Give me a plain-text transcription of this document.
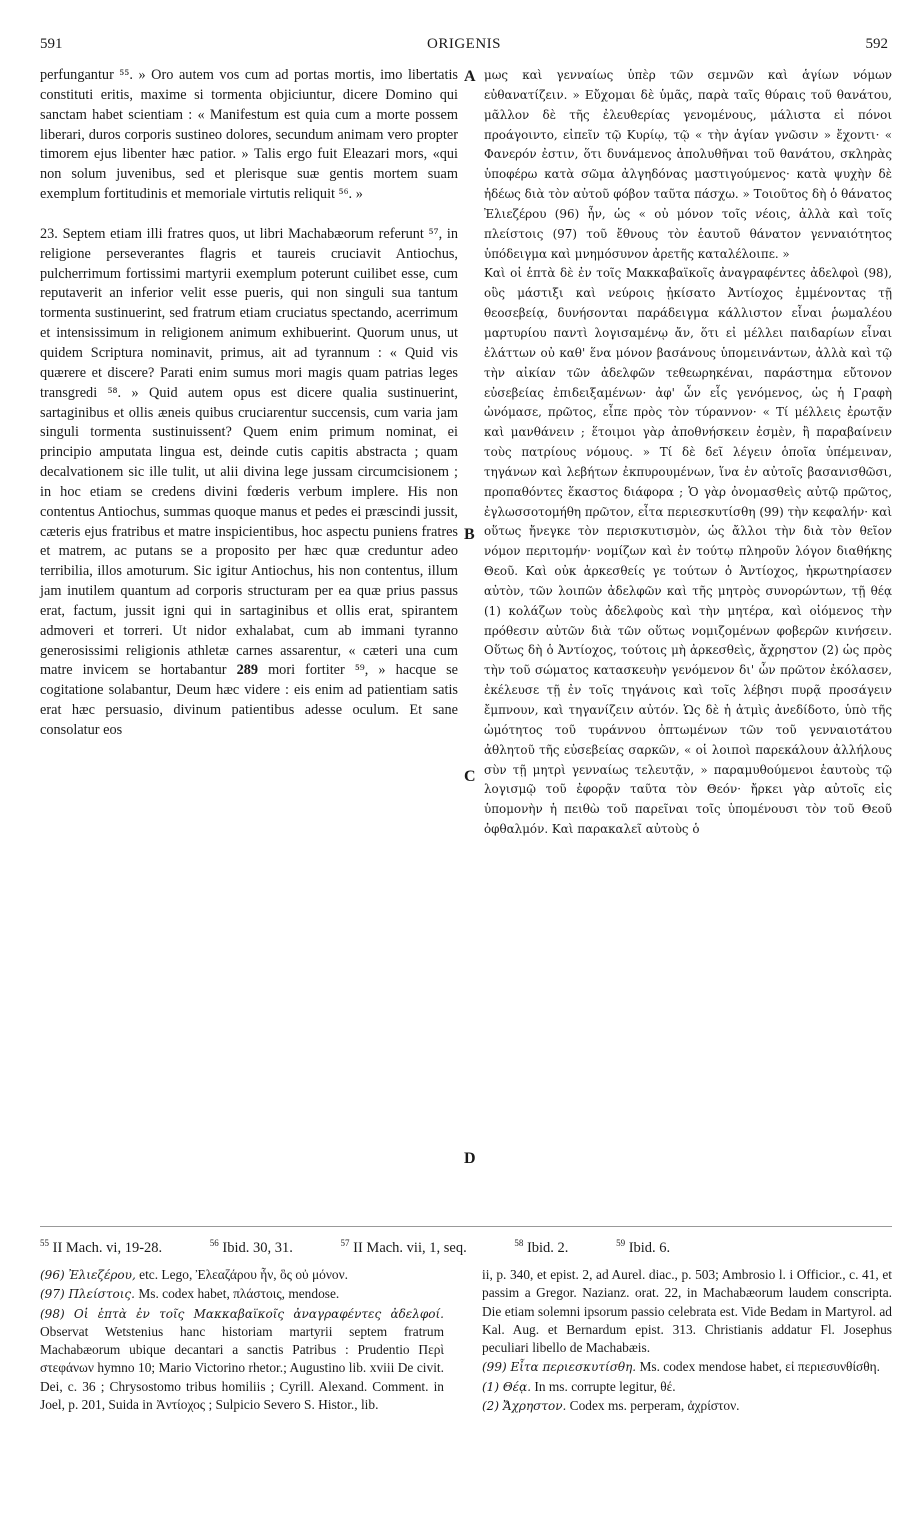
591	ORIGENIS	592

perfungantur ⁵⁵. » Oro autem vos cum ad portas mortis, imo libertatis constituti eritis, maxime si tormenta objiciuntur, dicere Domino qui sanctam habet scientiam : « Manifestum est quia cum a morte possem liberari, duros corporis sustineo dolores, secundum animam vero propter timorem ejus libenter hæc patior. » Talis ergo fuit Eleazari mors, «qui non solum juvenibus, sed et plerisque suæ gentis mortem suam exemplum fortitudinis et memoriale virtutis reliquit ⁵⁶. »

23. Septem etiam illi fratres quos, ut libri Machabæorum referunt ⁵⁷, in religione perseverantes flagris et taureis cruciavit Antiochus, pulcherrimum fortissimi martyrii exemplum poterunt cuilibet esse, cum reputaverit an inferior velit esse pueris, qui non singuli sua tantum tormenta sustinuerint, sed fratrum etiam cruciatus spectando, acerrimum et intensissimum in religionem animum exhibuerint. Quorum unus, ut quidem Scriptura nominavit, primus, ait ad tyrannum : « Quid vis quærere et discere? Parati enim sumus mori magis quam patrias leges transgredi ⁵⁸. » Quid autem opus est dicere qualia sustinuerint, sartaginibus et ollis æneis quibus cruciarentur succensis, cum varia jam singuli tormenta sustinuissent? Quem enim primum nominat, ei principio amputata lingua est, deinde cutis capitis abstracta ; quam decalvationem sic ille tulit, ut alii divina lege jussam circumcisionem ; in hoc etiam se credens divini fœderis verbum implere. His non contentus Antiochus, summas quoque manus et pedes ei præscindi jussit, cæteris ejus fratribus et matre inspicientibus, hoc aspectu puniens fratres et matrem, ac putans se a proposito per hæc quæ creduntur adeo terribilia, illos amoturum. Sic igitur Antiochus, his non contentus, illum jam inutilem quantum ad corporis structuram per ea quæ prius passus erat, factum, jussit igni qui in sartaginibus et ollis erat, spirantem admoveri et torreri. Ut nidor exhalabat, cum ab immani tyranno generosissimi religionis athletæ carnes assarentur, « cæteri una cum matre invicem se hortabantur 289 mori fortiter ⁵⁹, » hacque se cogitatione solabantur, Deum hæc videre : eis enim ad patientiam satis erat hæc persuasio, divinum patientibus adesse oculum. Et sane consolatur eos

A
B
C
D

μως καὶ γενναίως ὑπὲρ τῶν σεμνῶν καὶ ἁγίων νόμων εὐθανατίζειν. » Εὔχομαι δὲ ὑμᾶς, παρὰ ταῖς θύραις τοῦ θανάτου, μᾶλλον δὲ τῆς ἐλευθερίας γενομένους, μάλιστα εἰ πόνοι προάγοιντο, εἰπεῖν τῷ Κυρίῳ, τῷ « τὴν ἁγίαν γνῶσιν » ἔχοντι· « Φανερόν ἐστιν, ὅτι δυνάμενος ἀπολυθῆναι τοῦ θανάτου, σκληρὰς ὑποφέρω κατὰ σῶμα ἀλγηδόνας μαστιγούμενος· κατὰ ψυχὴν δὲ ἡδέως διὰ τὸν αὐτοῦ φόβον ταῦτα πάσχω. » Τοιοῦτος δὴ ὁ θάνατος Ἐλιεζέρου (96) ἦν, ὡς « οὐ μόνον τοῖς νέοις, ἀλλὰ καὶ τοῖς πλείστοις (97) τοῦ ἔθνους τὸν ἑαυτοῦ θάνατον γενναιότητος ὑπόδειγμα καὶ μνημόσυνον ἀρετῆς καταλέλοιπε. »

Καὶ οἱ ἑπτὰ δὲ ἐν τοῖς Μακκαβαϊκοῖς ἀναγραφέντες ἀδελφοὶ (98), οὓς μάστιξι καὶ νεύροις ᾐκίσατο Ἀντίοχος ἐμμένοντας τῇ θεοσεβείᾳ, δυνήσονται παράδειγμα κάλλιστον εἶναι ῥωμαλέου μαρτυρίου παντὶ λογισαμένῳ ἄν, ὅτι εἰ μέλλει παιδαρίων εἶναι ἐλάττων οὐ καθ' ἕνα μόνον βασάνους ὑπομεινάντων, ἀλλὰ καὶ τῷ τὴν αἰκίαν τῶν ἀδελφῶν τεθεωρηκέναι, παράστημα εὔτονον εὐσεβείας ἐπιδειξαμένων· ἀφ' ὧν εἷς γενόμενος, ὡς ἡ Γραφὴ ὠνόμασε, πρῶτος, εἶπε πρὸς τὸν τύραννον· « Τί μέλλεις ἐρωτᾷν καὶ μανθάνειν ; ἕτοιμοι γὰρ ἀποθνήσκειν ἐσμὲν, ἢ παραβαίνειν τοὺς πατρίους νόμους. » Τί δὲ δεῖ λέγειν ὁποῖα ὑπέμειναν, τηγάνων καὶ λεβήτων ἐκπυρουμένων, ἵνα ἐν αὐτοῖς βασανισθῶσι, προπαθόντες ἕκαστος διάφορα ; Ὁ γὰρ ὀνομασθεὶς αὐτῷ πρῶτος, ἐγλωσσοτομήθη πρῶτον, εἶτα περιεσκυτίσθη (99) τὴν κεφαλήν· καὶ οὕτως ἤνεγκε τὸν περισκυτισμὸν, ὡς ἄλλοι τὴν διὰ τὸν θεῖον νόμον περιτομήν· νομίζων καὶ ἐν τούτῳ πληροῦν λόγον διαθήκης Θεοῦ. Καὶ οὐκ ἀρκεσθείς γε τούτων ὁ Ἀντίοχος, ἠκρωτηρίασεν αὐτὸν, τῶν λοιπῶν ἀδελφῶν καὶ τῆς μητρὸς συνορώντων, τῇ θέᾳ (1) κολάζων τοὺς ἀδελφοὺς καὶ τὴν μητέρα, καὶ οἰόμενος τὴν πρόθεσιν αὐτῶν διὰ τῶν οὕτως νομιζομένων φοβερῶν κινήσειν. Οὕτως δὴ ὁ Ἀντίοχος, τούτοις μὴ ἀρκεσθεὶς, ἄχρηστον (2) ὡς πρὸς τὴν τοῦ σώματος κατασκευὴν γενόμενον δι' ὧν πρῶτον ἐκόλασεν, ἐκέλευσε τῇ ἐν τοῖς τηγάνοις καὶ τοῖς λέβησι πυρᾷ προσάγειν ἔμπνουν, καὶ τηγανίζειν αὐτόν. Ὡς δὲ ἡ ἀτμὶς ἀνεδίδοτο, ὑπὸ τῆς ὠμότητος τοῦ τυράννου ὀπτωμένων τῶν τοῦ γενναιοτάτου ἀθλητοῦ τῆς εὐσεβείας σαρκῶν, « οἱ λοιποὶ παρεκάλουν ἀλλήλους σὺν τῇ μητρὶ γενναίως τελευτᾷν, » παραμυθούμενοι ἑαυτοὺς τῷ λογισμῷ τοῦ ἐφορᾷν ταῦτα τὸν Θεόν· ἤρκει γὰρ αὐτοῖς εἰς ὑπομονὴν ἡ πειθὼ τοῦ παρεῖναι τοῖς ὑπομένουσι τὸν τοῦ Θεοῦ ὀφθαλμόν. Καὶ παρακαλεῖ αὐτοὺς ὁ

$^{55}$ II Mach. vi, 19-28.	$^{56}$ Ibid. 30, 31.	$^{57}$ II Mach. vii, 1, seq.	$^{58}$ Ibid. 2.	$^{59}$ Ibid. 6.

(96) Ἐλιεζέρου, etc. Lego, Ἐλεαζάρου ἦν, ὃς οὐ μόνον.

(97) Πλείστοις. Ms. codex habet, πλάστοις, mendose.

(98) Οἱ ἑπτὰ ἐν τοῖς Μακκαβαϊκοῖς ἀναγραφέντες ἀδελφοί. Observat Wetstenius hanc historiam martyrii septem fratrum Machabæorum ubique decantari a sanctis Patribus : Prudentio Περὶ στεφάνων hymno 10; Mario Victorino rhetor.; Augustino lib. xviii De civit. Dei, c. 36 ; Chrysostomo tribus homiliis ; Cyrill. Alexand. Comment. in Joel, p. 201, Suida in Ἀντίοχος ; Sulpicio Severo S. Histor., lib.

ii, p. 340, et epist. 2, ad Aurel. diac., p. 503; Ambrosio l. i Officior., c. 41, et passim a Gregor. Nazianz. orat. 22, in Machabæorum laudem conscripta. Die etiam solemni ipsorum passio celebrata est. Vide Bedam in Martyrol. ad Kal. Aug. et Bernardum epist. 313. Christianis addatur Fl. Josephus peculiari libello de Machabæis.

(99) Εἶτα περιεσκυτίσθη. Ms. codex mendose habet, εἰ περιεσυνθίσθη.

(1) Θέᾳ. In ms. corrupte legitur, θέ.

(2) Ἄχρηστον. Codex ms. perperam, ἀχρίστον.
